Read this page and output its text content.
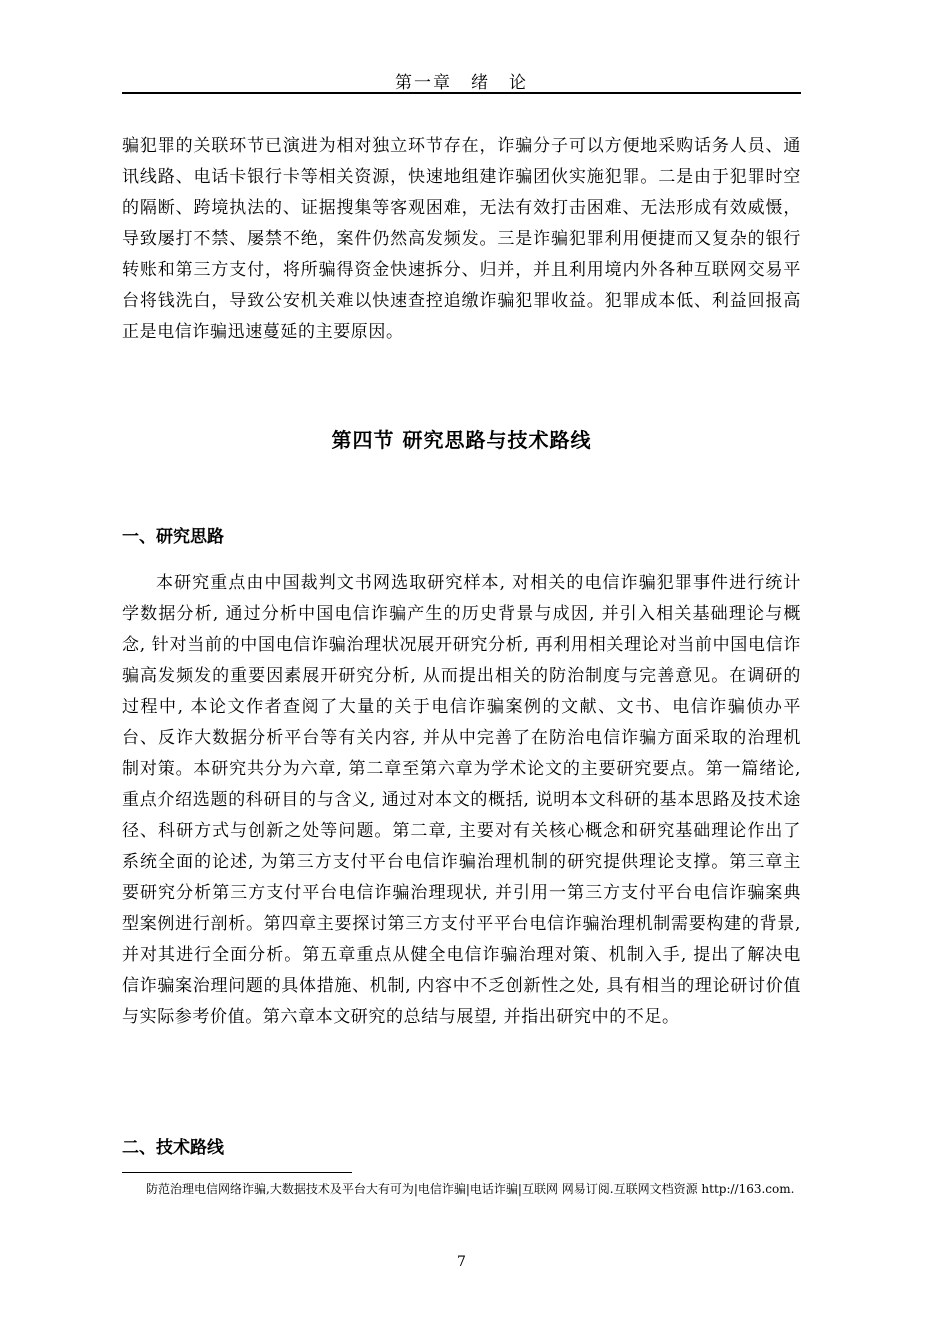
第一章　绪　论

骗犯罪的关联环节已演进为相对独立环节存在，诈骗分子可以方便地采购话务人员、通讯线路、电话卡银行卡等相关资源，快速地组建诈骗团伙实施犯罪。二是由于犯罪时空的隔断、跨境执法的、证据搜集等客观困难，无法有效打击困难、无法形成有效威慑，导致屡打不禁、屡禁不绝，案件仍然高发频发。三是诈骗犯罪利用便捷而又复杂的银行转账和第三方支付，将所骗得资金快速拆分、归并，并且利用境内外各种互联网交易平台将钱洗白，导致公安机关难以快速查控追缴诈骗犯罪收益。犯罪成本低、利益回报高正是电信诈骗迅速蔓延的主要原因。

第四节 研究思路与技术路线
一、研究思路

本研究重点由中国裁判文书网选取研究样本, 对相关的电信诈骗犯罪事件进行统计学数据分析, 通过分析中国电信诈骗产生的历史背景与成因, 并引入相关基础理论与概念, 针对当前的中国电信诈骗治理状况展开研究分析, 再利用相关理论对当前中国电信诈骗高发频发的重要因素展开研究分析, 从而提出相关的防治制度与完善意见。在调研的过程中, 本论文作者查阅了大量的关于电信诈骗案例的文献、文书、电信诈骗侦办平台、反诈大数据分析平台等有关内容, 并从中完善了在防治电信诈骗方面采取的治理机制对策。本研究共分为六章, 第二章至第六章为学术论文的主要研究要点。第一篇绪论, 重点介绍选题的科研目的与含义, 通过对本文的概括, 说明本文科研的基本思路及技术途径、科研方式与创新之处等问题。第二章, 主要对有关核心概念和研究基础理论作出了系统全面的论述, 为第三方支付平台电信诈骗治理机制的研究提供理论支撑。第三章主要研究分析第三方支付平台电信诈骗治理现状, 并引用一第三方支付平台电信诈骗案典型案例进行剖析。第四章主要探讨第三方支付平平台电信诈骗治理机制需要构建的背景, 并对其进行全面分析。第五章重点从健全电信诈骗治理对策、机制入手, 提出了解决电信诈骗案治理问题的具体措施、机制, 内容中不乏创新性之处, 具有相当的理论研讨价值与实际参考价值。第六章本文研究的总结与展望, 并指出研究中的不足。

二、技术路线

防范治理电信网络诈骗,大数据技术及平台大有可为|电信诈骗|电话诈骗|互联网 网易订阅.互联网文档资源 http://163.com.

7
